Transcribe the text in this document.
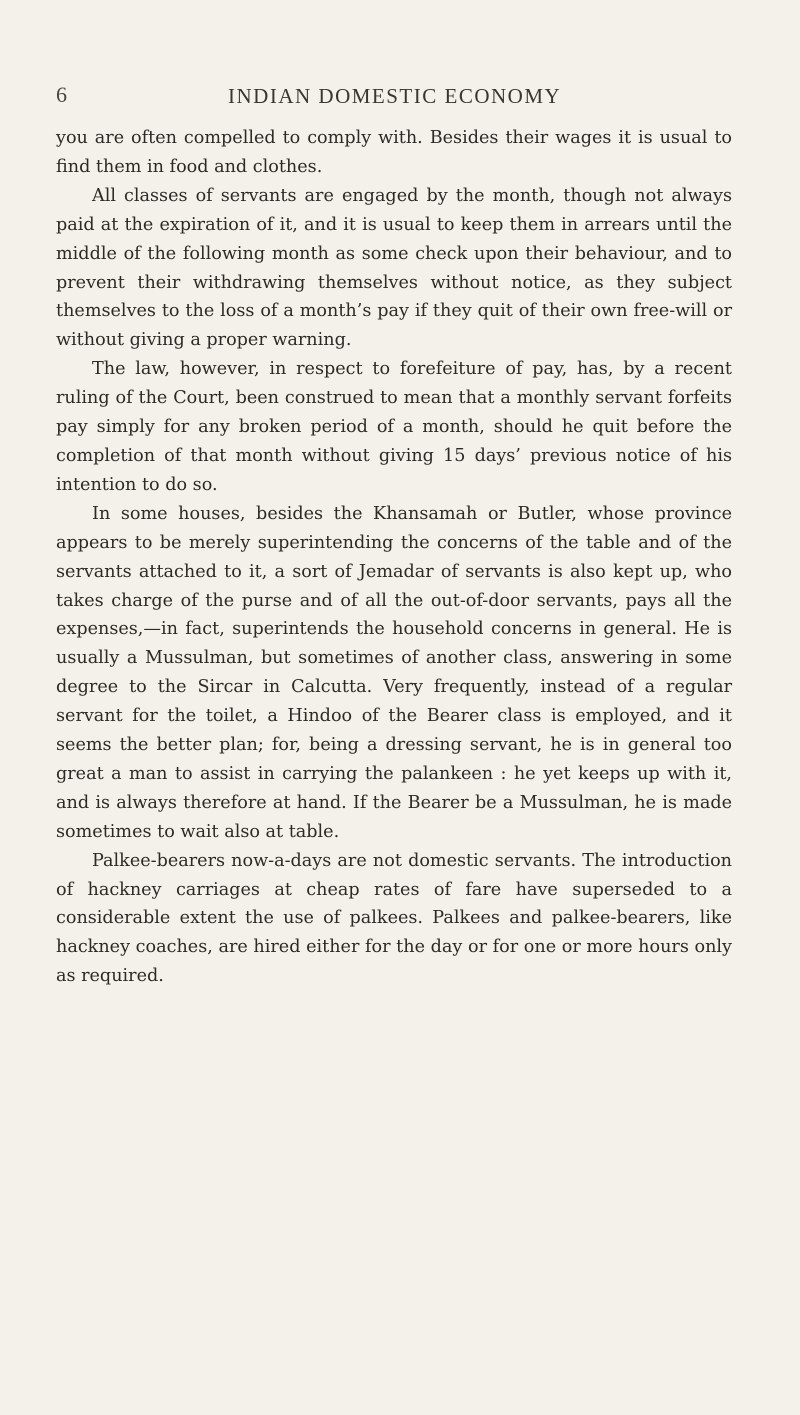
6	INDIAN DOMESTIC ECONOMY

you are often compelled to comply with. Besides their wages it is usual to find them in food and clothes.

All classes of servants are engaged by the month, though not always paid at the expiration of it, and it is usual to keep them in arrears until the middle of the following month as some check upon their behaviour, and to prevent their withdrawing themselves without notice, as they subject themselves to the loss of a month’s pay if they quit of their own free-will or without giving a proper warning.

The law, however, in respect to forefeiture of pay, has, by a recent ruling of the Court, been construed to mean that a monthly servant forfeits pay simply for any broken period of a month, should he quit before the completion of that month without giving 15 days’ previous notice of his intention to do so.

In some houses, besides the Khansamah or Butler, whose province appears to be merely superintending the concerns of the table and of the servants attached to it, a sort of Jemadar of servants is also kept up, who takes charge of the purse and of all the out-of-door servants, pays all the expenses,—in fact, superintends the household concerns in general. He is usually a Mussulman, but sometimes of another class, answering in some degree to the Sircar in Calcutta. Very frequently, instead of a regular servant for the toilet, a Hindoo of the Bearer class is employed, and it seems the better plan; for, being a dressing servant, he is in general too great a man to assist in carrying the palankeen : he yet keeps up with it, and is always therefore at hand. If the Bearer be a Mussulman, he is made sometimes to wait also at table.

Palkee-bearers now-a-days are not domestic servants. The introduction of hackney carriages at cheap rates of fare have superseded to a considerable extent the use of palkees. Palkees and palkee-bearers, like hackney coaches, are hired either for the day or for one or more hours only as required.
